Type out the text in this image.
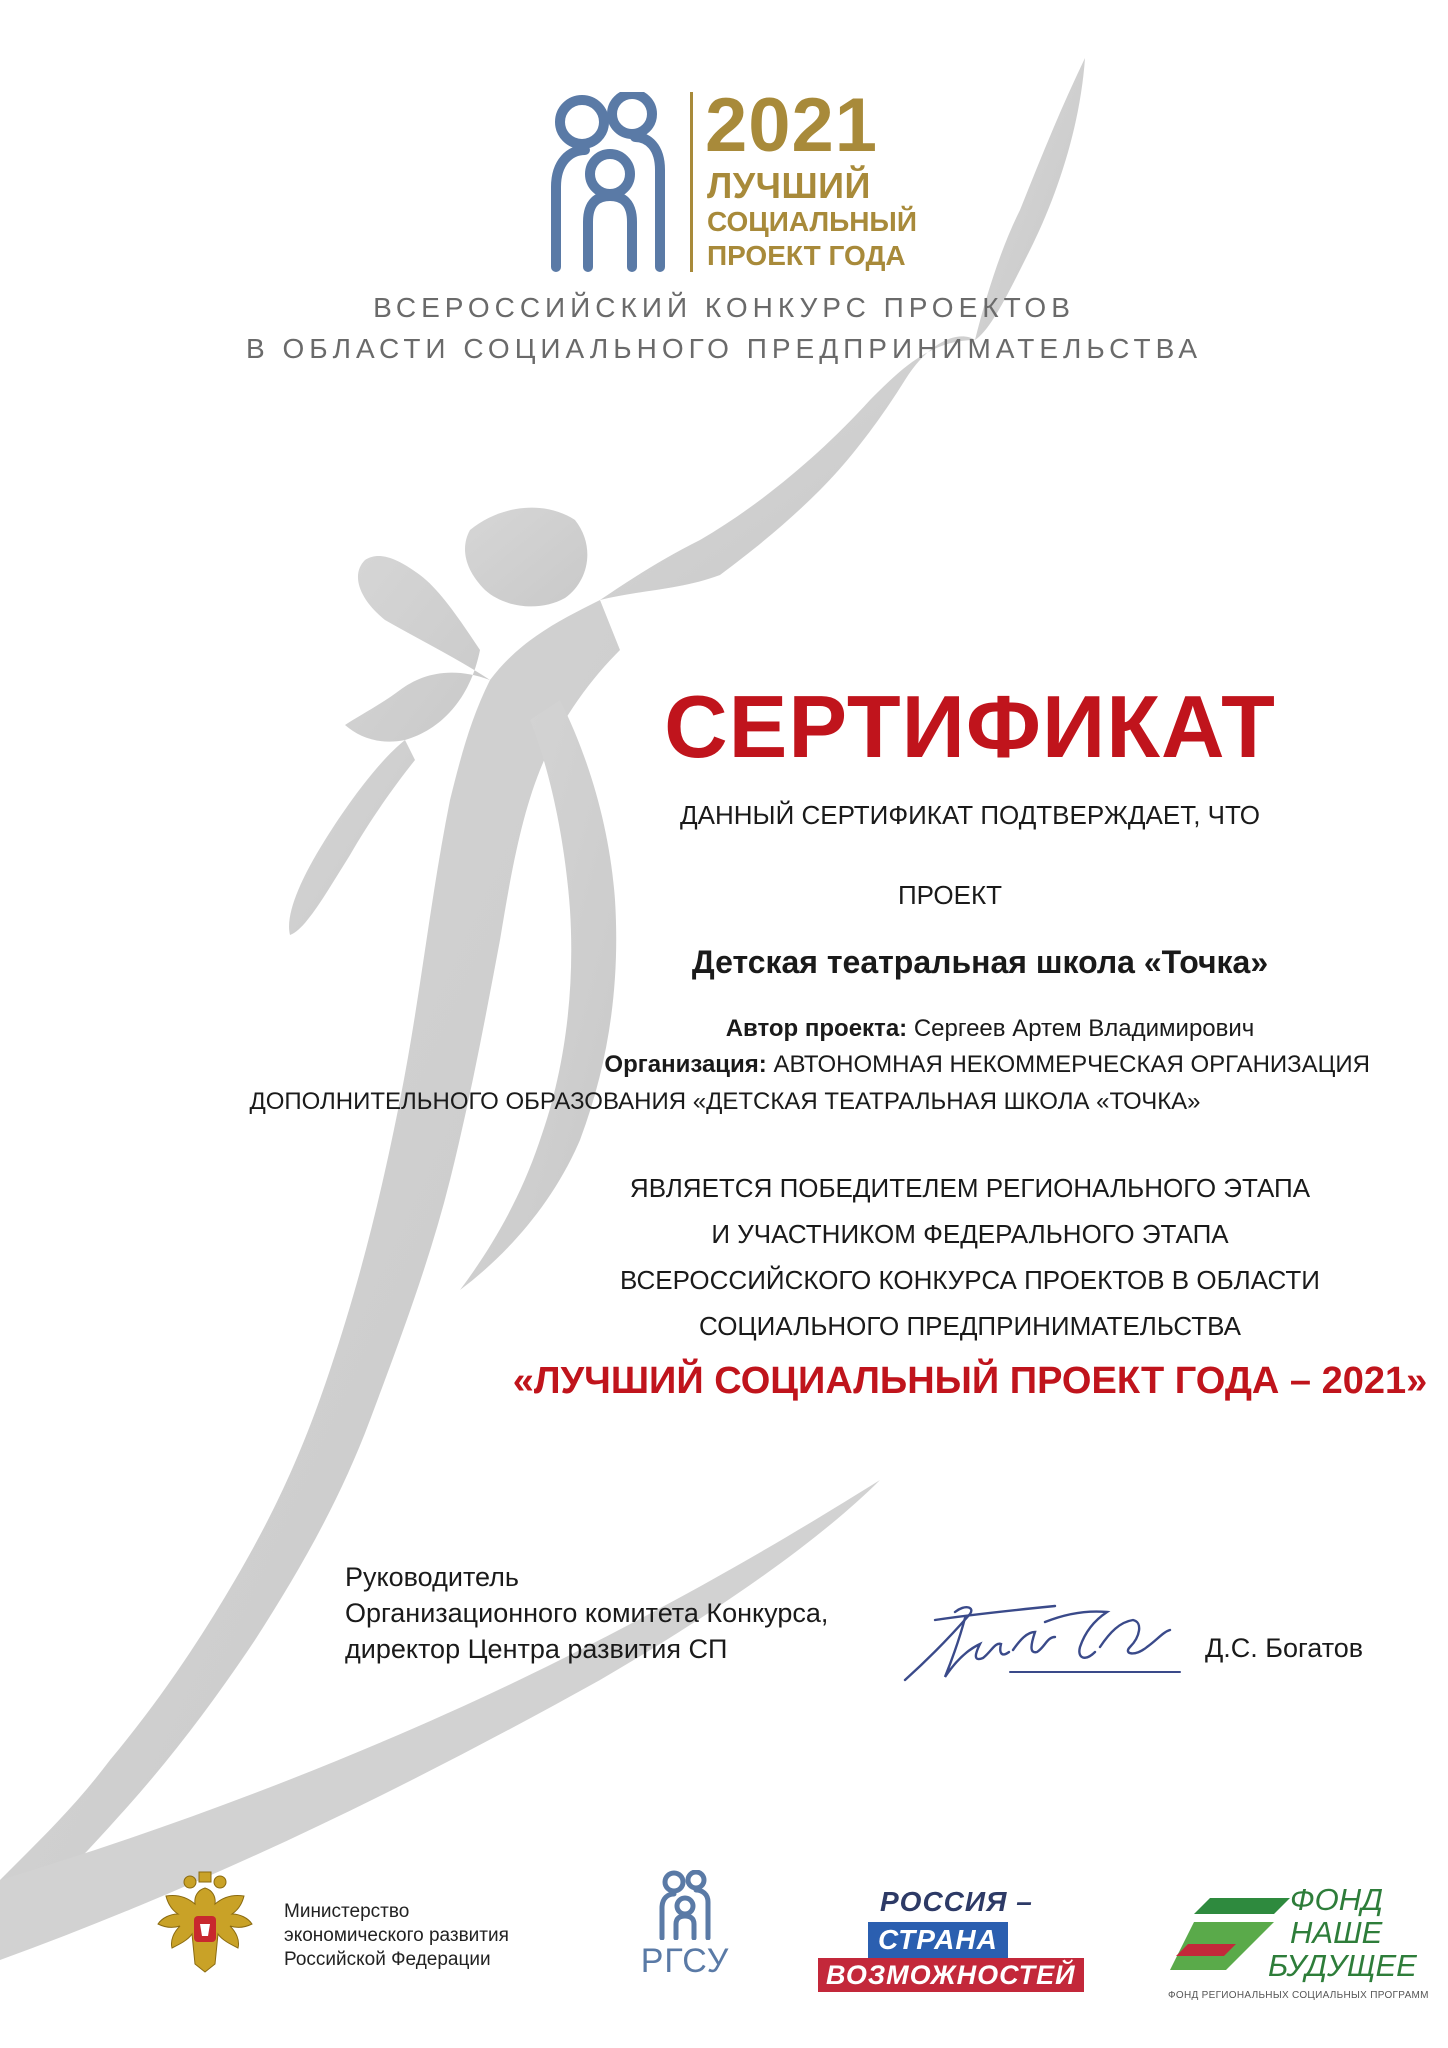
2021
ЛУЧШИЙ
СОЦИАЛЬНЫЙ
ПРОЕКТ ГОДА
ВСЕРОССИЙСКИЙ КОНКУРС ПРОЕКТОВ
В ОБЛАСТИ СОЦИАЛЬНОГО ПРЕДПРИНИМАТЕЛЬСТВА
СЕРТИФИКАТ
ДАННЫЙ СЕРТИФИКАТ ПОДТВЕРЖДАЕТ, ЧТО
ПРОЕКТ
Детская театральная школа «Точка»
Автор проекта: Сергеев Артем Владимирович
Организация: АВТОНОМНАЯ НЕКОММЕРЧЕСКАЯ ОРГАНИЗАЦИЯ
ДОПОЛНИТЕЛЬНОГО ОБРАЗОВАНИЯ «ДЕТСКАЯ ТЕАТРАЛЬНАЯ ШКОЛА «ТОЧКА»
ЯВЛЯЕТСЯ ПОБЕДИТЕЛЕМ РЕГИОНАЛЬНОГО ЭТАПА
И УЧАСТНИКОМ ФЕДЕРАЛЬНОГО ЭТАПА
ВСЕРОССИЙСКОГО КОНКУРСА ПРОЕКТОВ В ОБЛАСТИ
СОЦИАЛЬНОГО ПРЕДПРИНИМАТЕЛЬСТВА
«ЛУЧШИЙ СОЦИАЛЬНЫЙ ПРОЕКТ ГОДА – 2021»
Руководитель
Организационного комитета Конкурса,
директор Центра развития СП	Д.С. Богатов
Министерство
экономического развития
Российской Федерации	РГСУ
РОССИЯ –
СТРАНА
ВОЗМОЖНОСТЕЙ
ФОНД
НАШЕ
БУДУЩЕЕ
ФОНД РЕГИОНАЛЬНЫХ СОЦИАЛЬНЫХ ПРОГРАММ
